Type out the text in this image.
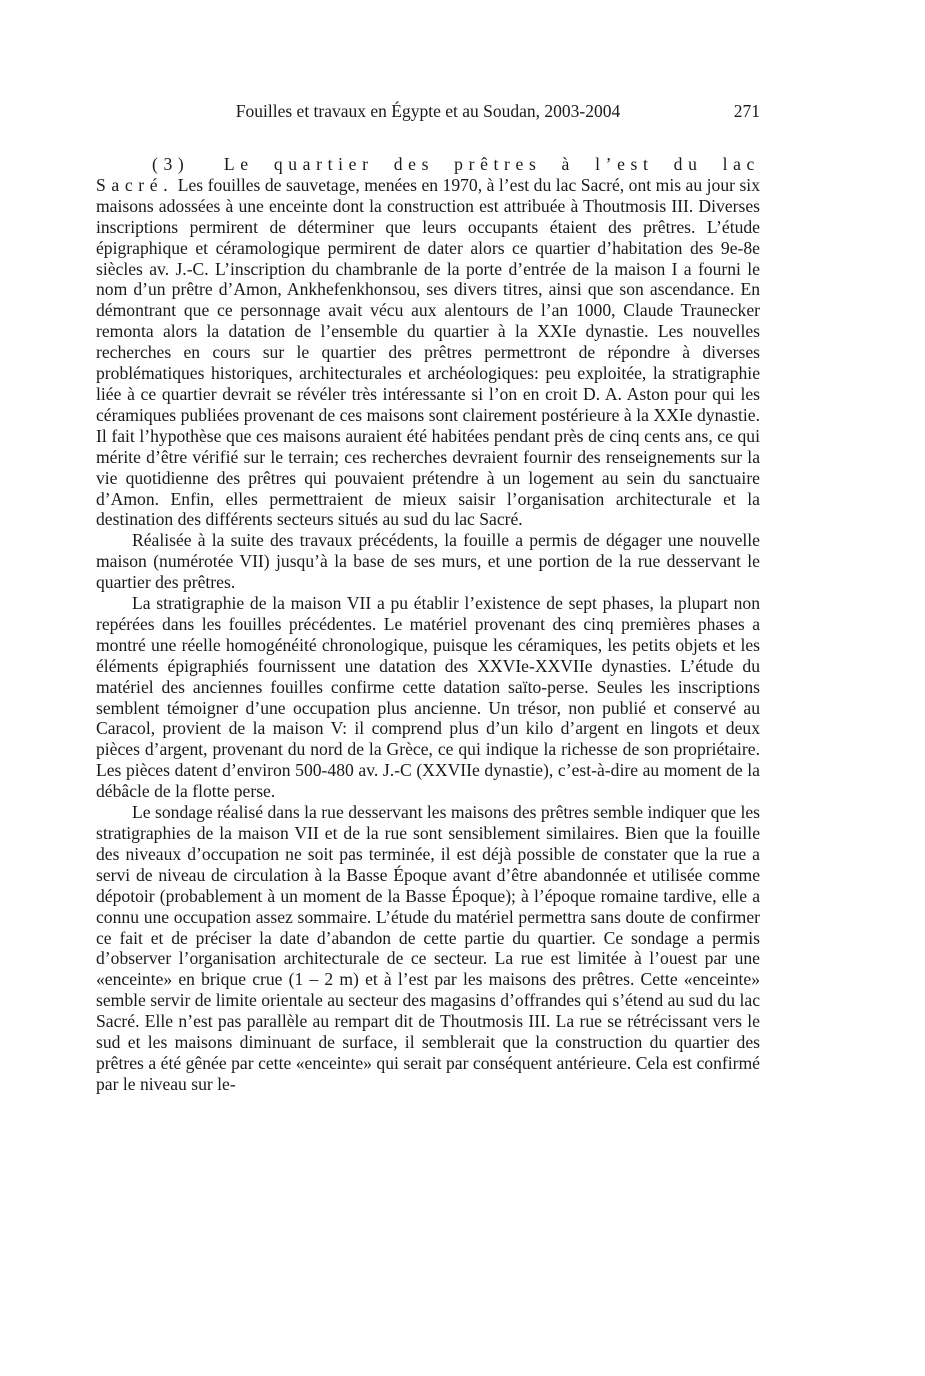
Fouilles et travaux en Égypte et au Soudan, 2003-2004	271

(3) Le quartier des prêtres à l’est du lac Sacré. Les fouilles de sauvetage, menées en 1970, à l’est du lac Sacré, ont mis au jour six maisons adossées à une enceinte dont la construction est attribuée à Thoutmosis III. Diverses inscriptions permirent de déterminer que leurs occupants étaient des prêtres. L’étude épigraphique et céramologique permirent de dater alors ce quartier d’habitation des 9e-8e siècles av. J.-C. L’inscription du chambranle de la porte d’entrée de la maison I a fourni le nom d’un prêtre d’Amon, Ankhefenkhonsou, ses divers titres, ainsi que son ascendance. En démontrant que ce personnage avait vécu aux alentours de l’an 1000, Claude Traunecker remonta alors la datation de l’ensemble du quartier à la XXIe dynastie. Les nouvelles recherches en cours sur le quartier des prêtres permettront de répondre à diverses problématiques historiques, architecturales et archéologiques: peu exploitée, la stratigraphie liée à ce quartier devrait se révéler très intéressante si l’on en croit D. A. Aston pour qui les céramiques publiées provenant de ces maisons sont clairement postérieure à la XXIe dynastie. Il fait l’hypothèse que ces maisons auraient été habitées pendant près de cinq cents ans, ce qui mérite d’être vérifié sur le terrain; ces recherches devraient fournir des renseignements sur la vie quotidienne des prêtres qui pouvaient prétendre à un logement au sein du sanctuaire d’Amon. Enfin, elles permettraient de mieux saisir l’organisation architecturale et la destination des différents secteurs situés au sud du lac Sacré.

Réalisée à la suite des travaux précédents, la fouille a permis de dégager une nouvelle maison (numérotée VII) jusqu’à la base de ses murs, et une portion de la rue desservant le quartier des prêtres.

La stratigraphie de la maison VII a pu établir l’existence de sept phases, la plupart non repérées dans les fouilles précédentes. Le matériel provenant des cinq premières phases a montré une réelle homogénéité chronologique, puisque les céramiques, les petits objets et les éléments épigraphiés fournissent une datation des XXVIe-XXVIIe dynasties. L’étude du matériel des anciennes fouilles confirme cette datation saïto-perse. Seules les inscriptions semblent témoigner d’une occupation plus ancienne. Un trésor, non publié et conservé au Caracol, provient de la maison V: il comprend plus d’un kilo d’argent en lingots et deux pièces d’argent, provenant du nord de la Grèce, ce qui indique la richesse de son propriétaire. Les pièces datent d’environ 500-480 av. J.-C (XXVIIe dynastie), c’est-à-dire au moment de la débâcle de la flotte perse.

Le sondage réalisé dans la rue desservant les maisons des prêtres semble indiquer que les stratigraphies de la maison VII et de la rue sont sensiblement similaires. Bien que la fouille des niveaux d’occupation ne soit pas terminée, il est déjà possible de constater que la rue a servi de niveau de circulation à la Basse Époque avant d’être abandonnée et utilisée comme dépotoir (probablement à un moment de la Basse Époque); à l’époque romaine tardive, elle a connu une occupation assez sommaire. L’étude du matériel permettra sans doute de confirmer ce fait et de préciser la date d’abandon de cette partie du quartier. Ce sondage a permis d’observer l’organisation architecturale de ce secteur. La rue est limitée à l’ouest par une «enceinte» en brique crue (1 – 2 m) et à l’est par les maisons des prêtres. Cette «enceinte» semble servir de limite orientale au secteur des magasins d’offrandes qui s’étend au sud du lac Sacré. Elle n’est pas parallèle au rempart dit de Thoutmosis III. La rue se rétrécissant vers le sud et les maisons diminuant de surface, il semblerait que la construction du quartier des prêtres a été gênée par cette «enceinte» qui serait par conséquent antérieure. Cela est confirmé par le niveau sur le-
